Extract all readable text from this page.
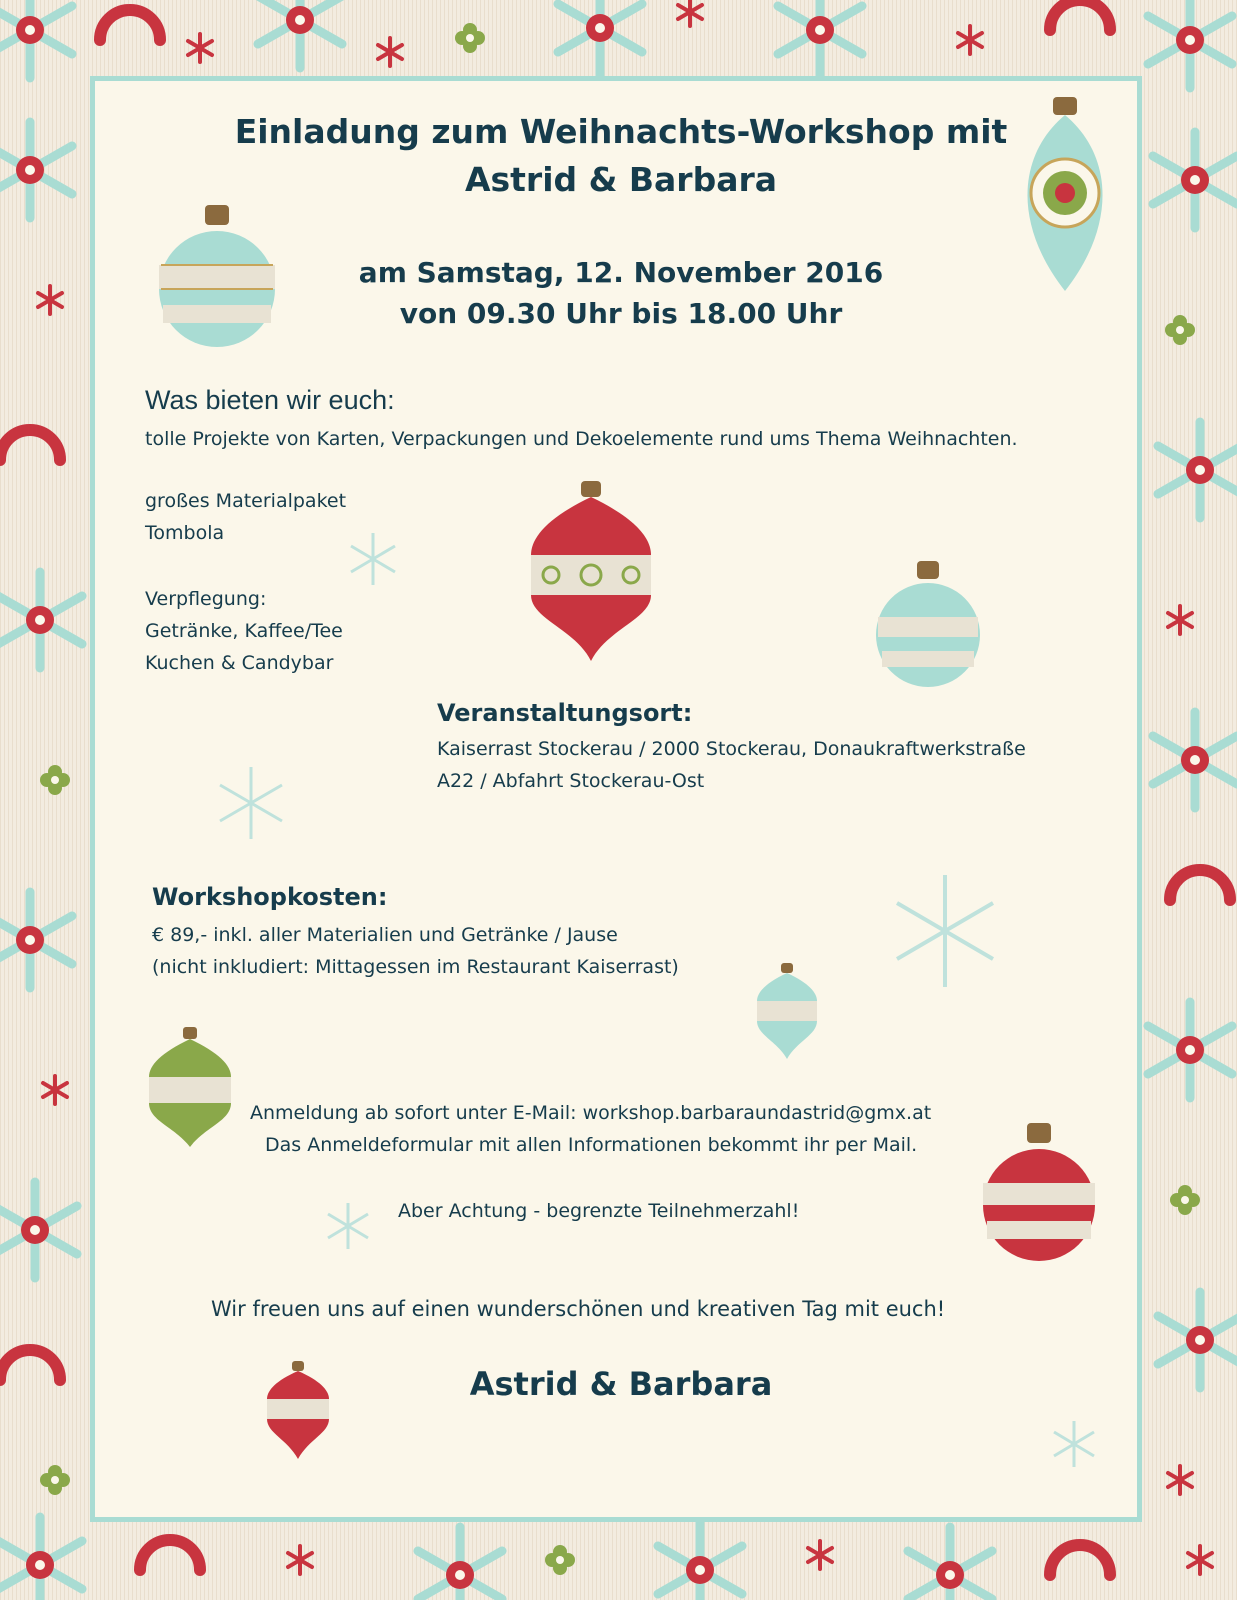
Einladung zum Weihnachts-Workshop mit

Astrid & Barbara

am Samstag, 12. November 2016

von 09.30 Uhr bis 18.00 Uhr

Was bieten wir euch:

tolle Projekte von Karten, Verpackungen und Dekoelemente rund ums Thema Weihnachten.

großes Materialpaket

Tombola

Verpflegung:

Getränke, Kaffee/Tee

Kuchen & Candybar

Veranstaltungsort:

Kaiserrast Stockerau / 2000 Stockerau, Donaukraftwerkstraße

A22 / Abfahrt Stockerau-Ost

Workshopkosten:

€ 89,- inkl. aller Materialien und Getränke / Jause

(nicht inkludiert: Mittagessen im Restaurant Kaiserrast)

Anmeldung ab sofort unter E-Mail: workshop.barbaraundastrid@gmx.at

Das Anmeldeformular mit allen Informationen bekommt ihr per Mail.

Aber Achtung - begrenzte Teilnehmerzahl!

Wir freuen uns auf einen wunderschönen und kreativen Tag mit euch!

Astrid & Barbara
